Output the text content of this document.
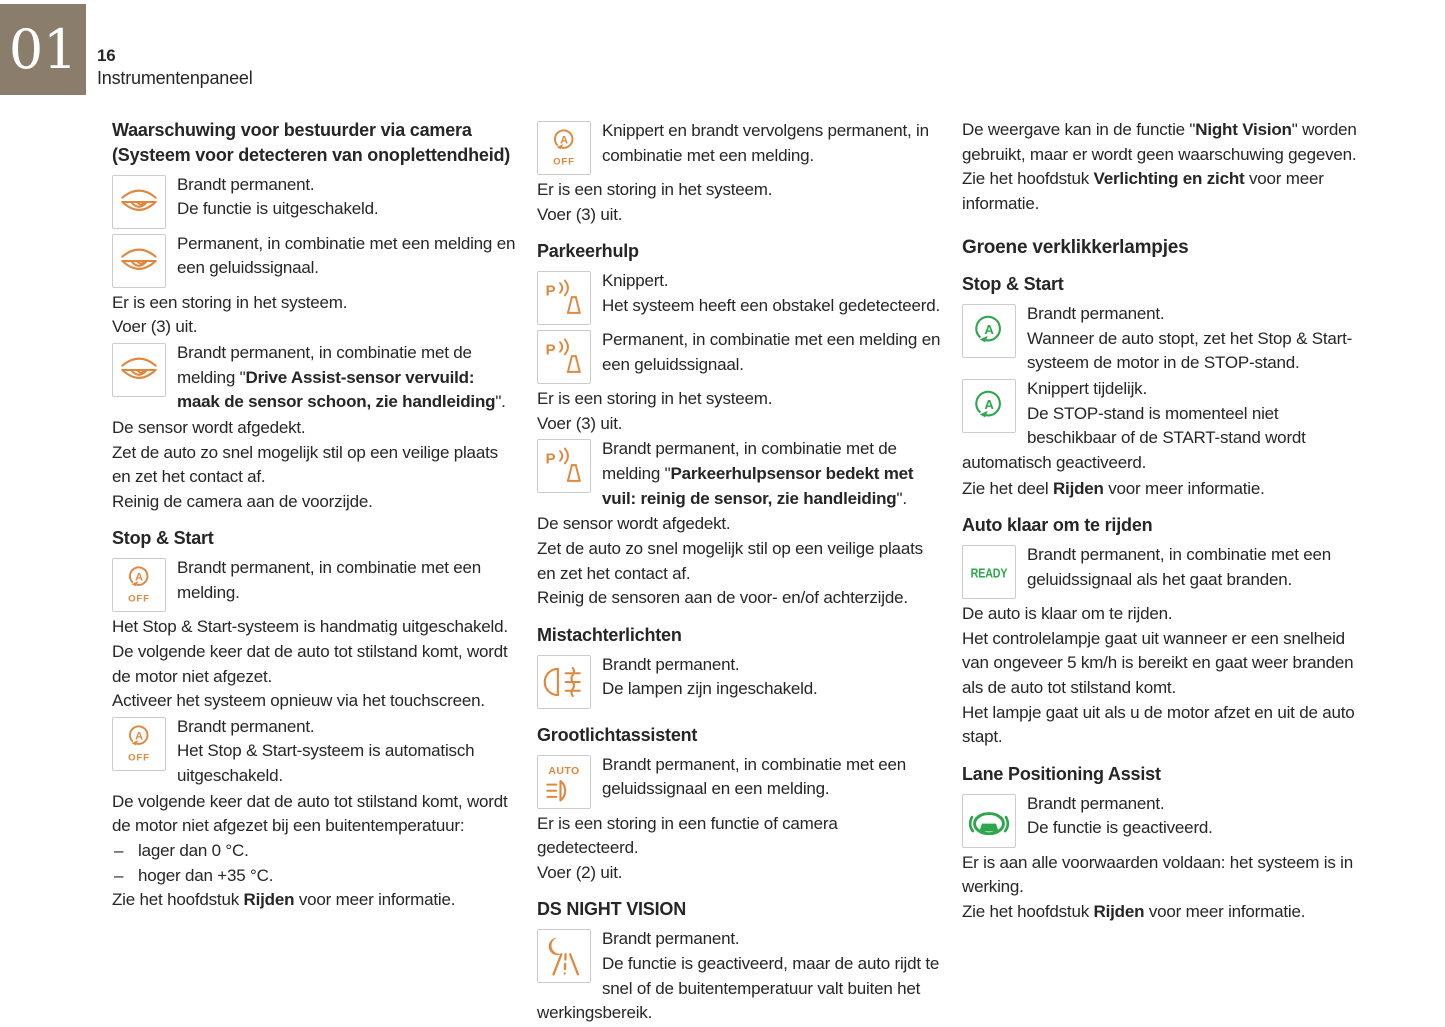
01 16
Instrumentenpaneel
Waarschuwing voor bestuurder via camera (Systeem voor detecteren van onoplettendheid)

Brandt permanent.

De functie is uitgeschakeld.

Permanent, in combinatie met een melding en een geluidssignaal.

Er is een storing in het systeem.

Voer (3) uit.

Brandt permanent, in combinatie met de melding "Drive Assist-sensor vervuild: maak de sensor schoon, zie handleiding".

De sensor wordt afgedekt.

Zet de auto zo snel mogelijk stil op een veilige plaats en zet het contact af.

Reinig de camera aan de voorzijde.

Stop & Start

Brandt permanent, in combinatie met een melding.

Het Stop & Start-systeem is handmatig uitgeschakeld.

De volgende keer dat de auto tot stilstand komt, wordt de motor niet afgezet.

Activeer het systeem opnieuw via het touchscreen.

Brandt permanent.

Het Stop & Start-systeem is automatisch uitgeschakeld.

De volgende keer dat de auto tot stilstand komt, wordt de motor niet afgezet bij een buitentemperatuur:

– lager dan 0 °C.

– hoger dan +35 °C.

Zie het hoofdstuk Rijden voor meer informatie.

Knippert en brandt vervolgens permanent, in combinatie met een melding.

Er is een storing in het systeem.

Voer (3) uit.

Parkeerhulp

Knippert.

Het systeem heeft een obstakel gedetecteerd.

Permanent, in combinatie met een melding en een geluidssignaal.

Er is een storing in het systeem.

Voer (3) uit.

Brandt permanent, in combinatie met de melding "Parkeerhulpsensor bedekt met vuil: reinig de sensor, zie handleiding".

De sensor wordt afgedekt.

Zet de auto zo snel mogelijk stil op een veilige plaats en zet het contact af.

Reinig de sensoren aan de voor- en/of achterzijde.

Mistachterlichten

Brandt permanent.

De lampen zijn ingeschakeld.

Grootlichtassistent

Brandt permanent, in combinatie met een geluidssignaal en een melding.

Er is een storing in een functie of camera gedetecteerd.

Voer (2) uit.

DS NIGHT VISION

Brandt permanent.

De functie is geactiveerd, maar de auto rijdt te snel of de buitentemperatuur valt buiten het werkingsbereik.

De weergave kan in de functie "Night Vision" worden gebruikt, maar er wordt geen waarschuwing gegeven.

Zie het hoofdstuk Verlichting en zicht voor meer informatie.

Groene verklikkerlampjes
Stop & Start

Brandt permanent.

Wanneer de auto stopt, zet het Stop & Start-systeem de motor in de STOP-stand.

Knippert tijdelijk.

De STOP-stand is momenteel niet beschikbaar of de START-stand wordt automatisch geactiveerd.

Zie het deel Rijden voor meer informatie.

Auto klaar om te rijden

Brandt permanent, in combinatie met een geluidssignaal als het gaat branden.

De auto is klaar om te rijden.

Het controlelampje gaat uit wanneer er een snelheid van ongeveer 5 km/h is bereikt en gaat weer branden als de auto tot stilstand komt.

Het lampje gaat uit als u de motor afzet en uit de auto stapt.

Lane Positioning Assist

Brandt permanent.

De functie is geactiveerd.

Er is aan alle voorwaarden voldaan: het systeem is in werking.

Zie het hoofdstuk Rijden voor meer informatie.
